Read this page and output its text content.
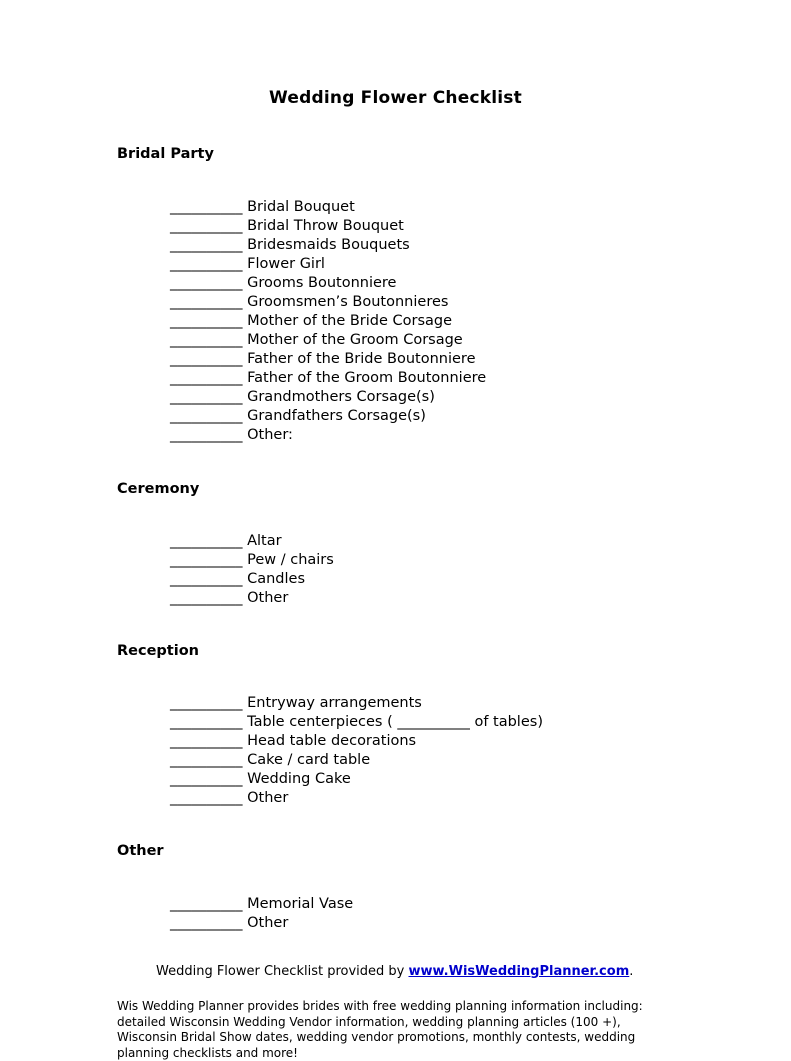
Wedding Flower Checklist
Bridal Party
__________ Bridal Bouquet
__________ Bridal Throw Bouquet
__________ Bridesmaids Bouquets
__________ Flower Girl
__________ Grooms Boutonniere
__________ Groomsmen’s Boutonnieres
__________ Mother of the Bride Corsage
__________ Mother of the Groom Corsage
__________ Father of the Bride Boutonniere
__________ Father of the Groom Boutonniere
__________ Grandmothers Corsage(s)
__________ Grandfathers Corsage(s)
__________ Other:
Ceremony
__________ Altar
__________ Pew / chairs
__________ Candles
__________ Other
Reception
__________ Entryway arrangements
__________ Table centerpieces ( __________ of tables)
__________ Head table decorations
__________ Cake / card table
__________ Wedding Cake
__________ Other
Other
__________ Memorial Vase
__________ Other
Wedding Flower Checklist provided by www.WisWeddingPlanner.com.
Wis Wedding Planner provides brides with free wedding planning information including: detailed Wisconsin Wedding Vendor information, wedding planning articles (100 +), Wisconsin Bridal Show dates, wedding vendor promotions, monthly contests, wedding planning checklists and more!
